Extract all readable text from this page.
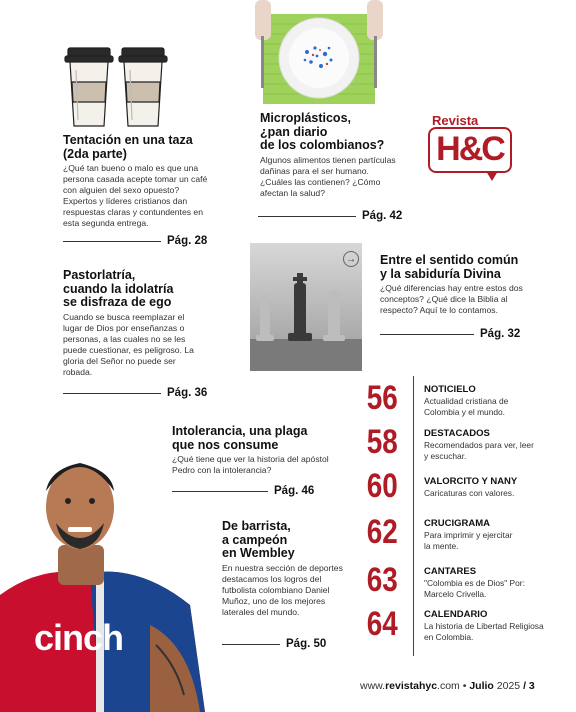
Tentación en una taza
(2da parte)
¿Qué tan bueno o malo es que una persona casada acepte tomar un café con alguien del sexo opuesto? Expertos y líderes cristianos dan respuestas claras y contundentes en esta segunda entrega.
Pág. 28
Microplásticos,
¿pan diario
de los colombianos?
Algunos alimentos tienen partículas dañinas para el ser humano. ¿Cuáles las contienen? ¿Cómo afectan la salud?
Pág. 42
Revista
H&C
Pastorlatría,
cuando la idolatría
se disfraza de ego
Cuando se busca reemplazar el lugar de Dios por enseñanzas o personas, a las cuales no se les puede cuestionar, es peligroso. La gloria del Señor no puede ser robada.
Pág. 36
→ Entre el sentido común
y la sabiduría Divina
¿Qué diferencias hay entre estos dos conceptos? ¿Qué dice la Biblia al respecto? Aquí te lo contamos.
Pág. 32
Intolerancia, una plaga
que nos consume
¿Qué tiene que ver la historia del apóstol Pedro con la intolerancia?
Pág. 46
cinch
De barrista,
a campeón
en Wembley
En nuestra sección de deportes destacamos los logros del futbolista colombiano Daniel Muñoz, uno de los mejores laterales del mundo.
Pág. 50
56	NOTICIELO
Actualidad cristiana de Colombia y el mundo.
58	DESTACADOS
Recomendados para ver, leer y escuchar.
60	VALORCITO Y NANY
Caricaturas con valores.
62	CRUCIGRAMA
Para imprimir y ejercitar la mente.
63	CANTARES
"Colombia es de Dios" Por: Marcelo Crivella.
64	CALENDARIO
La historia de Libertad Religiosa en Colombia.
www.revistahyc.com • Julio 2025 / 3
